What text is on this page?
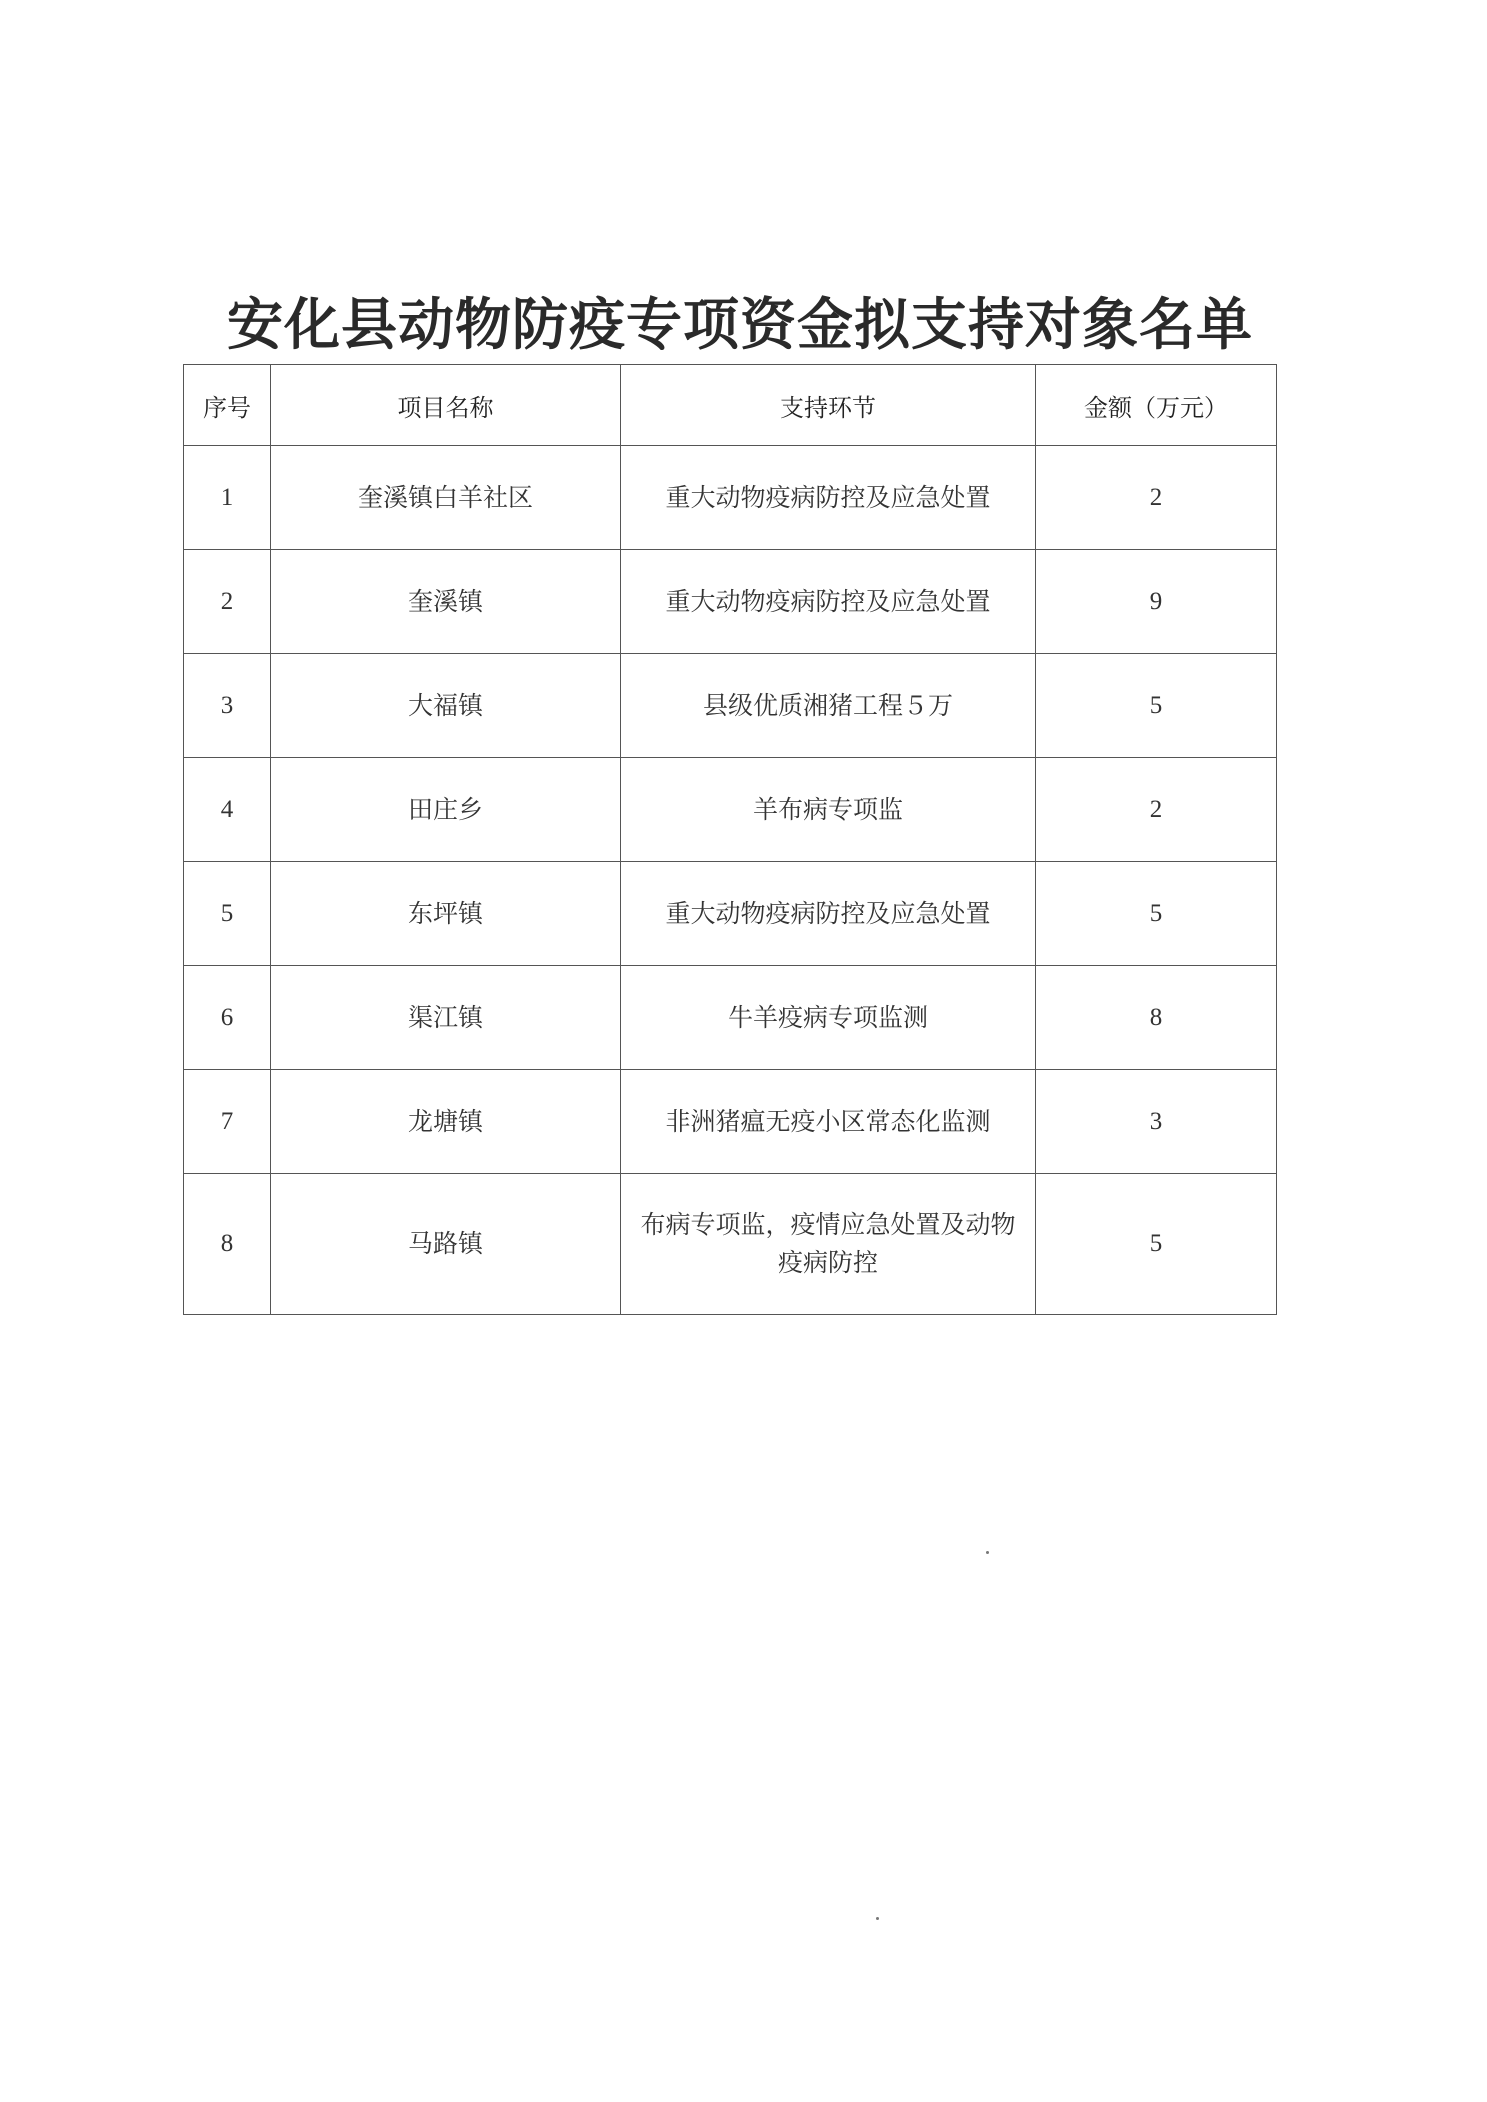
安化县动物防疫专项资金拟支持对象名单
序号	项目名称	支持环节	金额（万元）
1	奎溪镇白羊社区	重大动物疫病防控及应急处置	2
2	奎溪镇	重大动物疫病防控及应急处置	9
3	大福镇	县级优质湘猪工程５万	5
4	田庄乡	羊布病专项监	2
5	东坪镇	重大动物疫病防控及应急处置	5
6	渠江镇	牛羊疫病专项监测	8
7	龙塘镇	非洲猪瘟无疫小区常态化监测	3
8	马路镇	布病专项监，疫情应急处置及动物疫病防控	5
